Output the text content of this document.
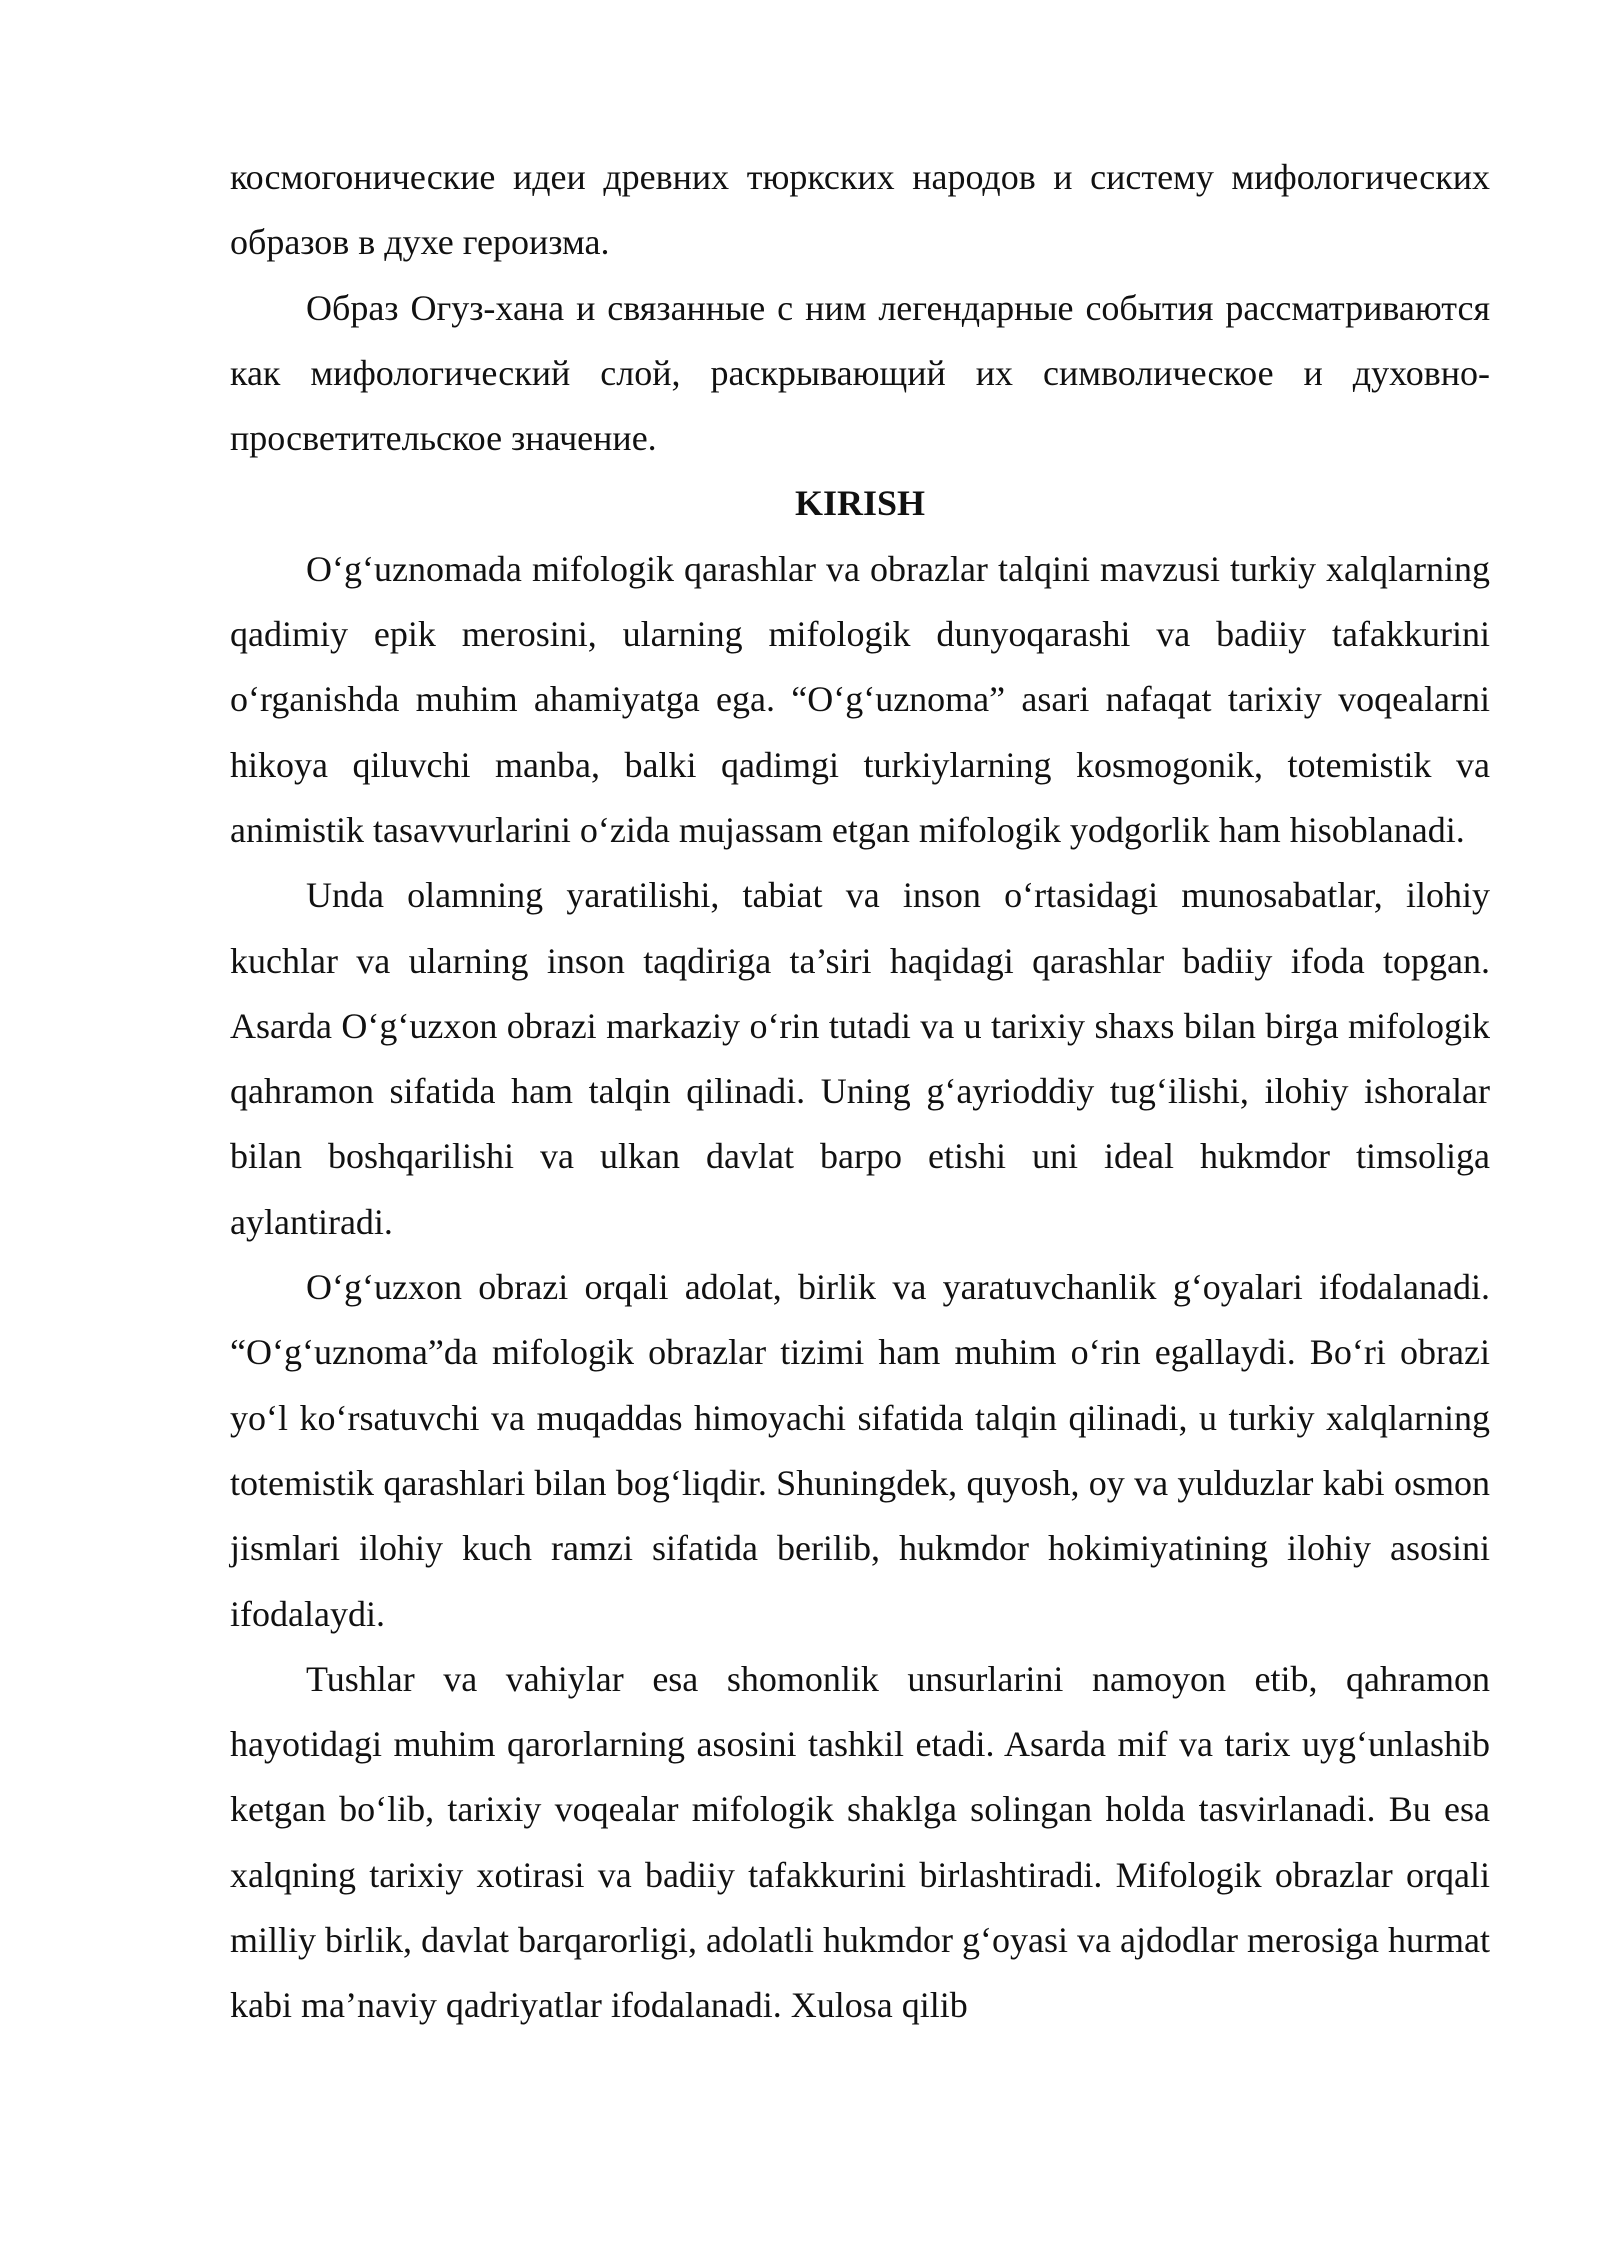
космогонические идеи древних тюркских народов и систему мифологических образов в духе героизма.

Образ Огуз-хана и связанные с ним легендарные события рассматриваются как мифологический слой, раскрывающий их символическое и духовно-просветительское значение.

KIRISH

O‘g‘uznomada mifologik qarashlar va obrazlar talqini mavzusi turkiy xalqlarning qadimiy epik merosini, ularning mifologik dunyoqarashi va badiiy tafakkurini o‘rganishda muhim ahamiyatga ega. “O‘g‘uznoma” asari nafaqat tarixiy voqealarni hikoya qiluvchi manba, balki qadimgi turkiylarning kosmogonik, totemistik va animistik tasavvurlarini o‘zida mujassam etgan mifologik yodgorlik ham hisoblanadi.

Unda olamning yaratilishi, tabiat va inson o‘rtasidagi munosabatlar, ilohiy kuchlar va ularning inson taqdiriga ta’siri haqidagi qarashlar badiiy ifoda topgan. Asarda O‘g‘uzxon obrazi markaziy o‘rin tutadi va u tarixiy shaxs bilan birga mifologik qahramon sifatida ham talqin qilinadi. Uning g‘ayrioddiy tug‘ilishi, ilohiy ishoralar bilan boshqarilishi va ulkan davlat barpo etishi uni ideal hukmdor timsoliga aylantiradi.

O‘g‘uzxon obrazi orqali adolat, birlik va yaratuvchanlik g‘oyalari ifodalanadi. “O‘g‘uznoma”da mifologik obrazlar tizimi ham muhim o‘rin egallaydi. Bo‘ri obrazi yo‘l ko‘rsatuvchi va muqaddas himoyachi sifatida talqin qilinadi, u turkiy xalqlarning totemistik qarashlari bilan bog‘liqdir. Shuningdek, quyosh, oy va yulduzlar kabi osmon jismlari ilohiy kuch ramzi sifatida berilib, hukmdor hokimiyatining ilohiy asosini ifodalaydi.

Tushlar va vahiylar esa shomonlik unsurlarini namoyon etib, qahramon hayotidagi muhim qarorlarning asosini tashkil etadi. Asarda mif va tarix uyg‘unlashib ketgan bo‘lib, tarixiy voqealar mifologik shaklga solingan holda tasvirlanadi. Bu esa xalqning tarixiy xotirasi va badiiy tafakkurini birlashtiradi. Mifologik obrazlar orqali milliy birlik, davlat barqarorligi, adolatli hukmdor g‘oyasi va ajdodlar merosiga hurmat kabi ma’naviy qadriyatlar ifodalanadi. Xulosa qilib
